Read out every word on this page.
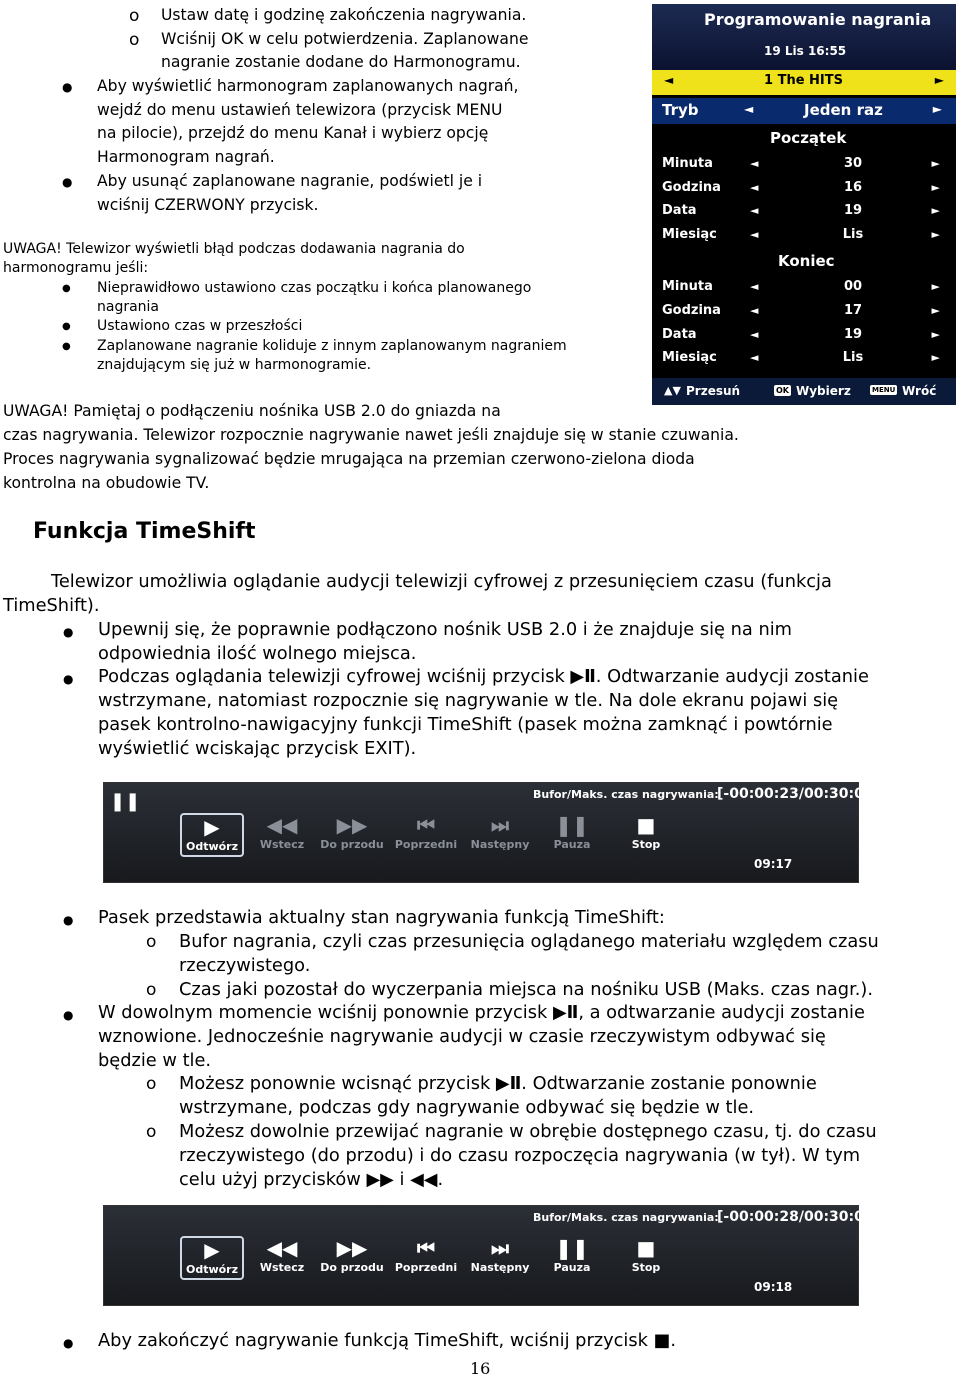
o Ustaw datę i godzinę zakończenia nagrywania.
o Wciśnij OK w celu potwierdzenia. Zaplanowane
nagranie zostanie dodane do Harmonogramu.
● Aby wyświetlić harmonogram zaplanowanych nagrań,
wejdź do menu ustawień telewizora (przycisk MENU
na pilocie), przejdź do menu Kanał i wybierz opcję
Harmonogram nagrań.
● Aby usunąć zaplanowane nagranie, podświetl je i
wciśnij CZERWONY przycisk.
UWAGA! Telewizor wyświetli błąd podczas dodawania nagrania do
harmonogramu jeśli:
● Nieprawidłowo ustawiono czas początku i końca planowanego
nagrania
● Ustawiono czas w przeszłości
● Zaplanowane nagranie koliduje z innym zaplanowanym nagraniem
znajdującym się już w harmonogramie.
Programowanie nagrania
19 Lis 16:55
◄	1 The HITS	►
Tryb	◄	Jeden raz	►
Początek
Minuta	◄	30	►
Godzina	◄	16	►
Data	◄	19	►
Miesiąc	◄	Lis	►
Koniec
Minuta	◄	00	►
Godzina	◄	17	►
Data	◄	19	►
Miesiąc	◄	Lis	►
▲▼ Przesuń	OK Wybierz	MENU Wróć
UWAGA! Pamiętaj o podłączeniu nośnika USB 2.0 do gniazda na
czas nagrywania. Telewizor rozpocznie nagrywanie nawet jeśli znajduje się w stanie czuwania.
Proces nagrywania sygnalizować będzie mrugająca na przemian czerwono-zielona dioda
kontrolna na obudowie TV.
Funkcja TimeShift
Telewizor umożliwia oglądanie audycji telewizji cyfrowej z przesunięciem czasu (funkcja
TimeShift).
● Upewnij się, że poprawnie podłączono nośnik USB 2.0 i że znajduje się na nim
odpowiednia ilość wolnego miejsca.
● Podczas oglądania telewizji cyfrowej wciśnij przycisk ▶Ⅱ. Odtwarzanie audycji zostanie
wstrzymane, natomiast rozpocznie się nagrywanie w tle. Na dole ekranu pojawi się
pasek kontrolno-nawigacyjny funkcji TimeShift (pasek można zamknąć i powtórnie
wyświetlić wciskając przycisk EXIT).
❚❚	Bufor/Maks. czas nagrywania:
[-00:00:23/00:30:00]
▶
Odtwórz
◀◀
Wstecz
▶▶
Do przodu
⏮
Poprzedni
⏭
Następny
❚❚
Pauza
■
Stop
09:17
● Pasek przedstawia aktualny stan nagrywania funkcją TimeShift:
o Bufor nagrania, czyli czas przesunięcia oglądanego materiału względem czasu
rzeczywistego.
o Czas jaki pozostał do wyczerpania miejsca na nośniku USB (Maks. czas nagr.).
● W dowolnym momencie wciśnij ponownie przycisk ▶Ⅱ, a odtwarzanie audycji zostanie
wznowione. Jednocześnie nagrywanie audycji w czasie rzeczywistym odbywać się
będzie w tle.
o Możesz ponownie wcisnąć przycisk ▶Ⅱ. Odtwarzanie zostanie ponownie
wstrzymane, podczas gdy nagrywanie odbywać się będzie w tle.
o Możesz dowolnie przewijać nagranie w obrębie dostępnego czasu, tj. do czasu
rzeczywistego (do przodu) i do czasu rozpoczęcia nagrywania (w tył). W tym
celu użyj przycisków ▶▶ i ◀◀.
Bufor/Maks. czas nagrywania:
[-00:00:28/00:30:00]
▶
Odtwórz
◀◀
Wstecz
▶▶
Do przodu
⏮
Poprzedni
⏭
Następny
❚❚
Pauza
■
Stop
09:18
● Aby zakończyć nagrywanie funkcją TimeShift, wciśnij przycisk ■.
16
